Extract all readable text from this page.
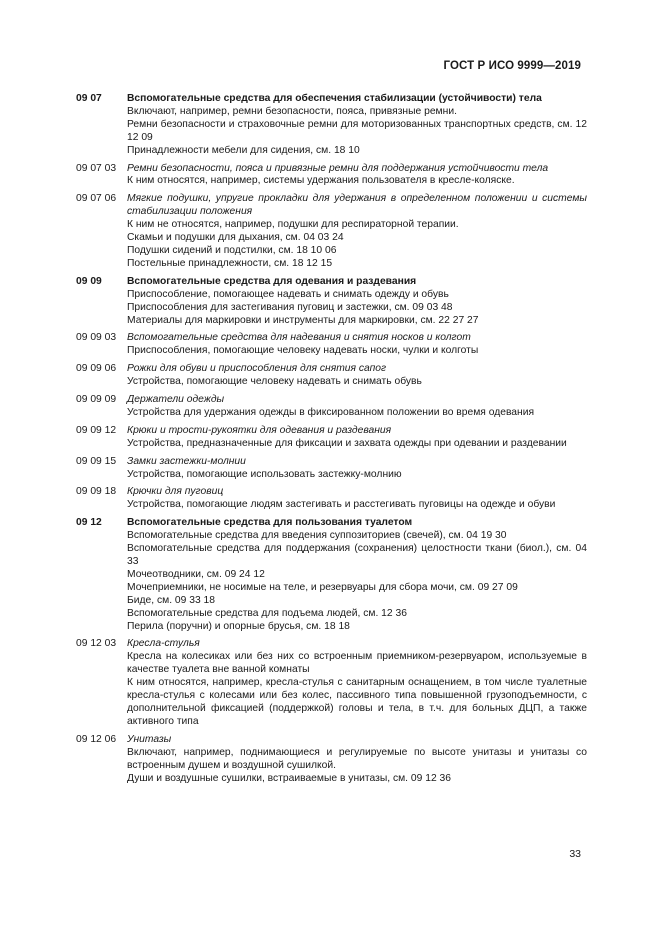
ГОСТ Р ИСО 9999—2019
09 07	Вспомогательные средства для обеспечения стабилизации (устойчивости) тела
Включают, например, ремни безопасности, пояса, привязные ремни.
Ремни безопасности и страховочные ремни для моторизованных транспортных средств, см. 12 12 09
Принадлежности мебели для сидения, см. 18 10
09 07 03	Ремни безопасности, пояса и привязные ремни для поддержания устойчивости тела
К ним относятся, например, системы удержания пользователя в кресле-коляске.
09 07 06	Мягкие подушки, упругие прокладки для удержания в определенном положении и системы стабилизации положения
К ним не относятся, например, подушки для респираторной терапии.
Скамьи и подушки для дыхания, см. 04 03 24
Подушки сидений и подстилки, см. 18 10 06
Постельные принадлежности, см. 18 12 15
09 09	Вспомогательные средства для одевания и раздевания
Приспособление, помогающее надевать и снимать одежду и обувь
Приспособления для застегивания пуговиц и застежки, см. 09 03 48
Материалы для маркировки и инструменты для маркировки, см. 22 27 27
09 09 03	Вспомогательные средства для надевания и снятия носков и колгот
Приспособления, помогающие человеку надевать носки, чулки и колготы
09 09 06	Рожки для обуви и приспособления для снятия сапог
Устройства, помогающие человеку надевать и снимать обувь
09 09 09	Держатели одежды
Устройства для удержания одежды в фиксированном положении во время одевания
09 09 12	Крюки и трости-рукоятки для одевания и раздевания
Устройства, предназначенные для фиксации и захвата одежды при одевании и раздевании
09 09 15	Замки застежки-молнии
Устройства, помогающие использовать застежку-молнию
09 09 18	Крючки для пуговиц
Устройства, помогающие людям застегивать и расстегивать пуговицы на одежде и обуви
09 12	Вспомогательные средства для пользования туалетом
Вспомогательные средства для введения суппозиториев (свечей), см. 04 19 30
Вспомогательные средства для поддержания (сохранения) целостности ткани (биол.), см. 04 33
Мочеотводники, см. 09 24 12
Мочеприемники, не носимые на теле, и резервуары для сбора мочи, см. 09 27 09
Биде, см. 09 33 18
Вспомогательные средства для подъема людей, см. 12 36
Перила (поручни) и опорные брусья, см. 18 18
09 12 03	Кресла-стулья
Кресла на колесиках или без них со встроенным приемником-резервуаром, используемые в качестве туалета вне ванной комнаты
К ним относятся, например, кресла-стулья с санитарным оснащением, в том числе туалетные кресла-стулья с колесами или без колес, пассивного типа повышенной грузоподъемности, с дополнительной фиксацией (поддержкой) головы и тела, в т.ч. для больных ДЦП, а также активного типа
09 12 06	Унитазы
Включают, например, поднимающиеся и регулируемые по высоте унитазы и унитазы со встроенным душем и воздушной сушилкой.
Души и воздушные сушилки, встраиваемые в унитазы, см. 09 12 36
33
